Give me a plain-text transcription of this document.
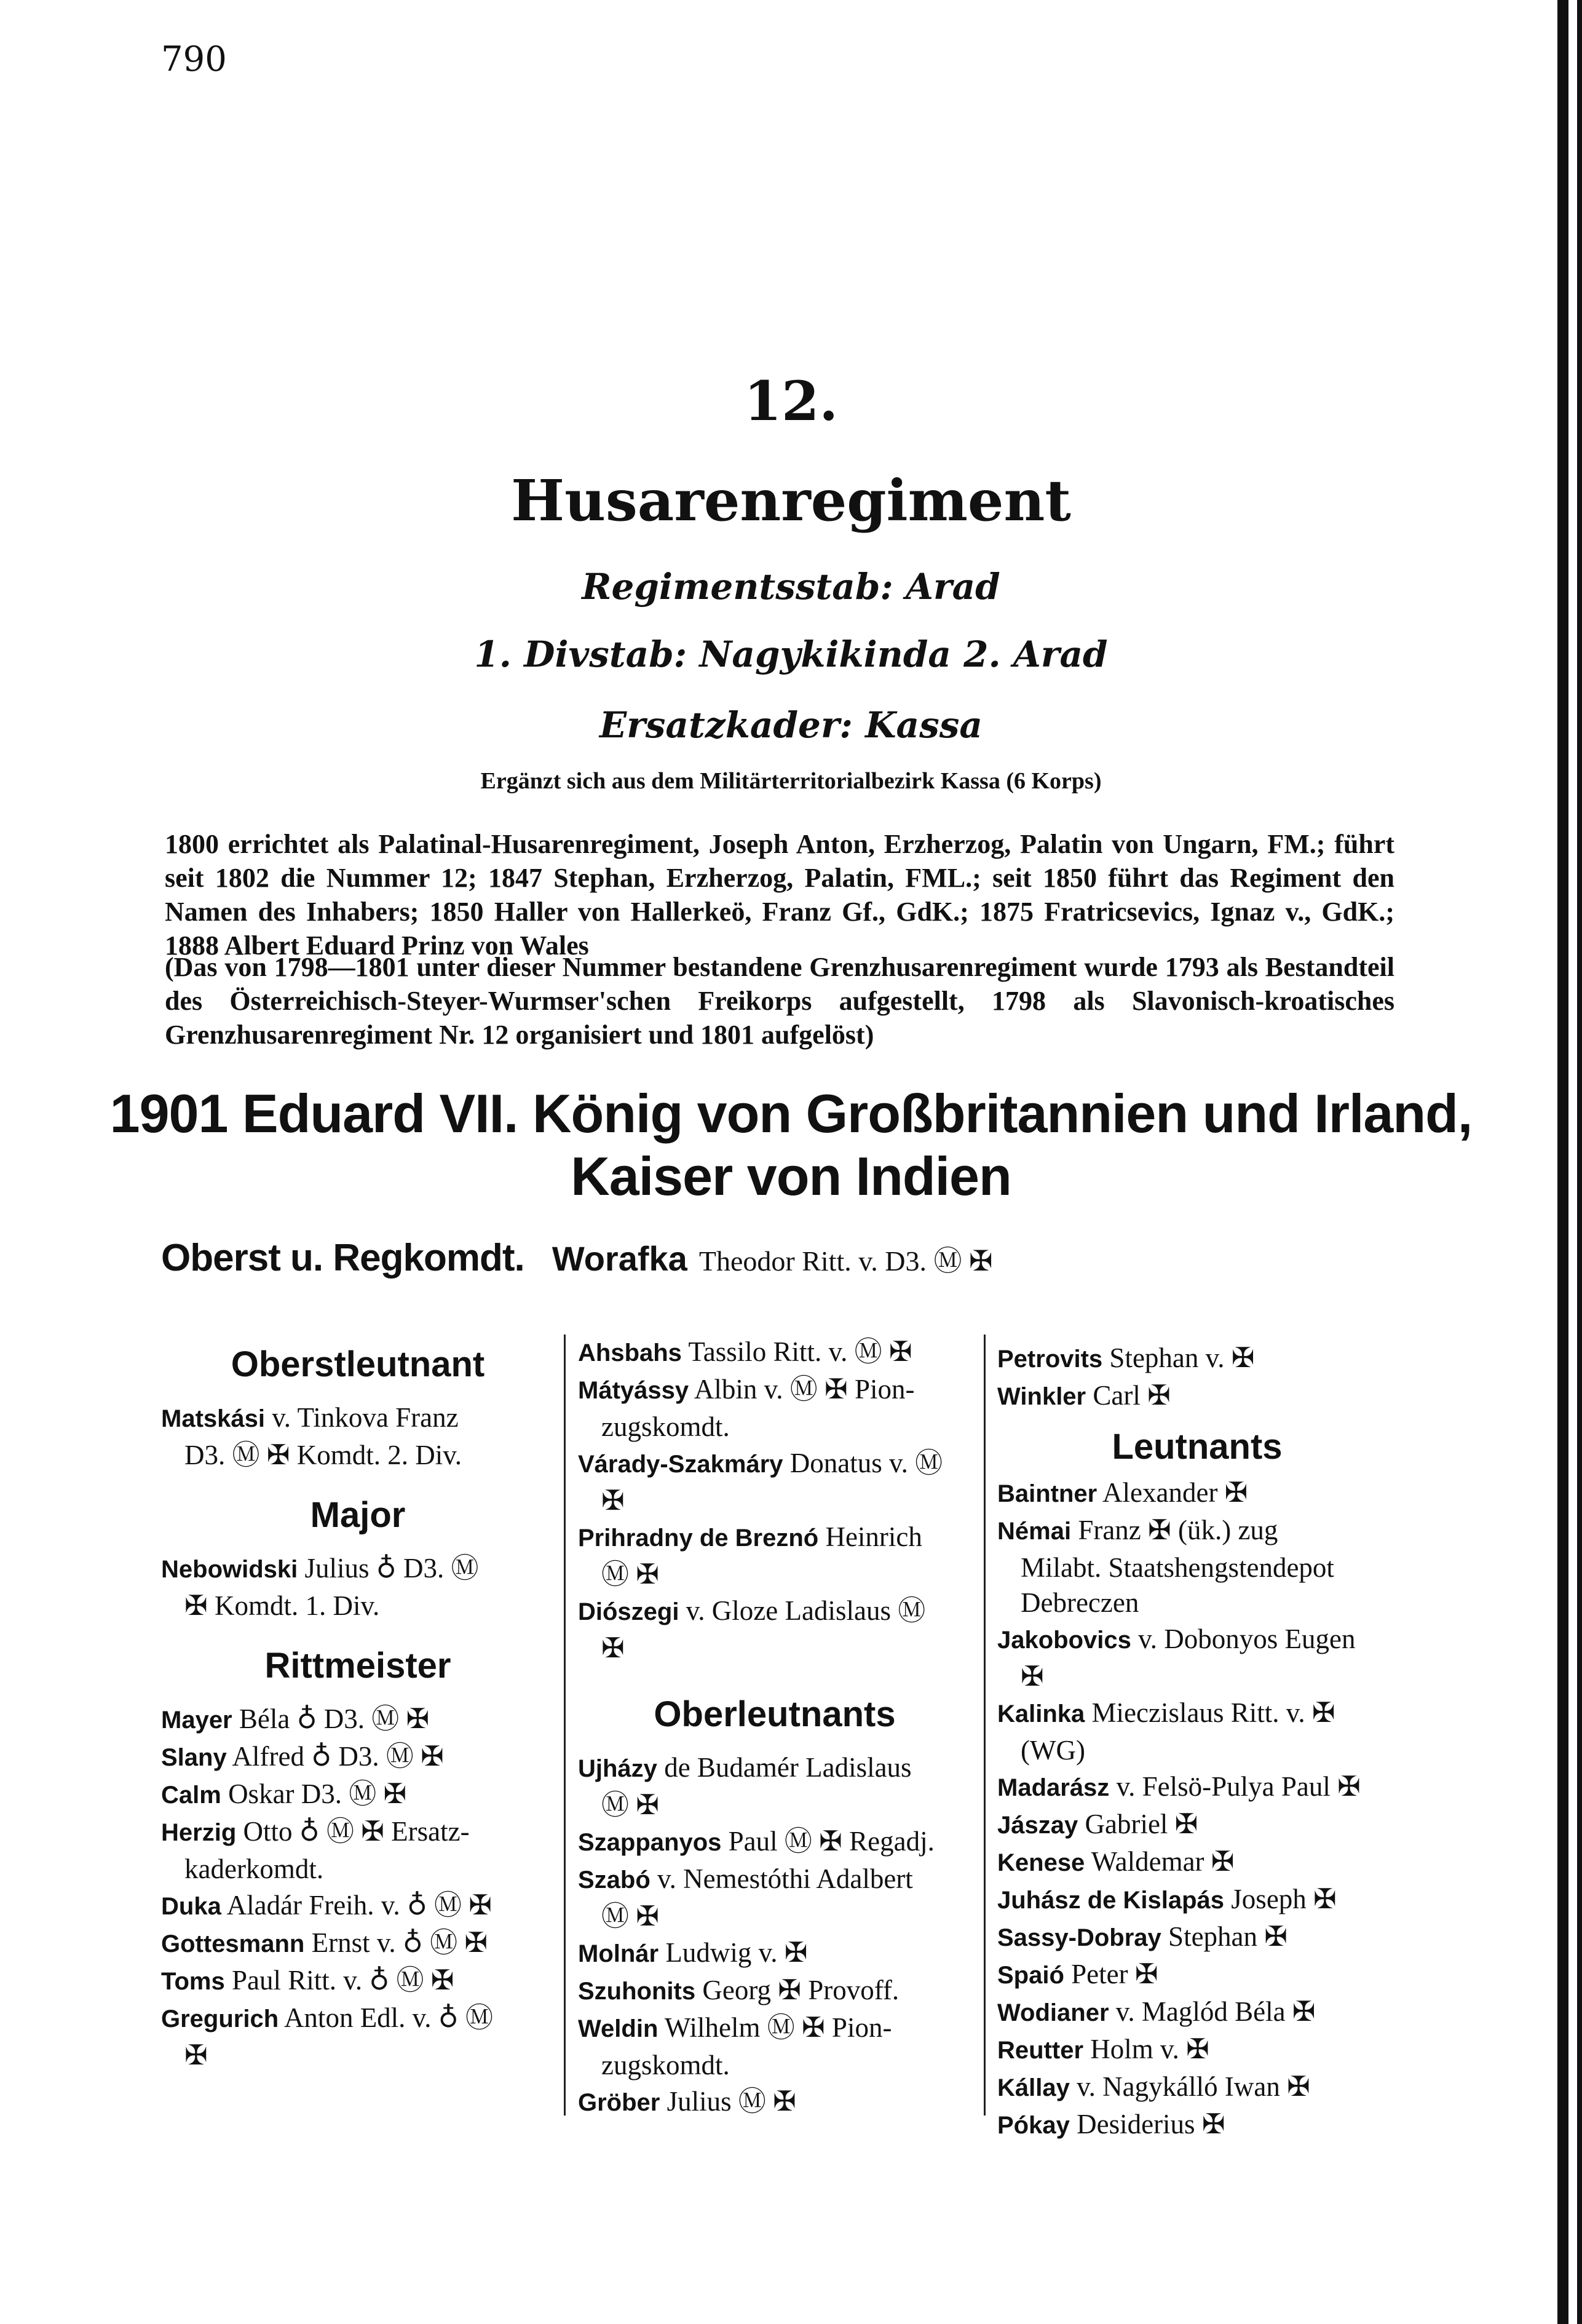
790
12.
Husarenregiment
Regimentsstab: Arad
1. Divstab: Nagykikinda 2. Arad
Ersatzkader: Kassa
Ergänzt sich aus dem Militärterritorialbezirk Kassa (6 Korps)
1800 errichtet als Palatinal-Husarenregiment, Joseph Anton, Erzherzog, Palatin von Ungarn, FM.; führt seit 1802 die Nummer 12; 1847 Stephan, Erzherzog, Palatin, FML.; seit 1850 führt das Regiment den Namen des Inhabers; 1850 Haller von Hallerkeö, Franz Gf., GdK.; 1875 Fratricsevics, Ignaz v., GdK.; 1888 Albert Eduard Prinz von Wales
(Das von 1798—1801 unter dieser Nummer bestandene Grenzhusarenregiment wurde 1793 als Bestandteil des Österreichisch-Steyer-Wurmser'schen Freikorps aufgestellt, 1798 als Slavonisch-kroatisches Grenzhusarenregiment Nr. 12 organisiert und 1801 aufgelöst)
1901 Eduard VII. König von Großbritannien und Irland,
Kaiser von Indien
Oberst u. Regkomdt. Worafka Theodor Ritt. v. D3. Ⓜ ✠
Oberstleutnant
Matskási v. Tinkova Franz
D3. Ⓜ ✠ Komdt. 2. Div.
Major
Nebowidski Julius ♁ D3. Ⓜ
✠ Komdt. 1. Div.
Rittmeister
Mayer Béla ♁ D3. Ⓜ ✠
Slany Alfred ♁ D3. Ⓜ ✠
Calm Oskar D3. Ⓜ ✠
Herzig Otto ♁ Ⓜ ✠ Ersatz-
kaderkomdt.
Duka Aladár Freih. v. ♁ Ⓜ ✠
Gottesmann Ernst v. ♁ Ⓜ ✠
Toms Paul Ritt. v. ♁ Ⓜ ✠
Gregurich Anton Edl. v. ♁ Ⓜ
✠
Ahsbahs Tassilo Ritt. v. Ⓜ ✠
Mátyássy Albin v. Ⓜ ✠ Pion-
zugskomdt.
Várady-Szakmáry Donatus v. Ⓜ
✠
Prihradny de Breznó Heinrich
Ⓜ ✠
Diószegi v. Gloze Ladislaus Ⓜ
✠
Oberleutnants
Ujházy de Budamér Ladislaus
Ⓜ ✠
Szappanyos Paul Ⓜ ✠ Regadj.
Szabó v. Nemestóthi Adalbert
Ⓜ ✠
Molnár Ludwig v. ✠
Szuhonits Georg ✠ Provoff.
Weldin Wilhelm Ⓜ ✠ Pion-
zugskomdt.
Gröber Julius Ⓜ ✠
Petrovits Stephan v. ✠
Winkler Carl ✠
Leutnants
Baintner Alexander ✠
Némai Franz ✠ (ük.) zug
Milabt. Staatshengstendepot Debreczen
Jakobovics v. Dobonyos Eugen
✠
Kalinka Mieczislaus Ritt. v. ✠
(WG)
Madarász v. Felsö-Pulya Paul ✠
Jászay Gabriel ✠
Kenese Waldemar ✠
Juhász de Kislapás Joseph ✠
Sassy-Dobray Stephan ✠
Spaió Peter ✠
Wodianer v. Maglód Béla ✠
Reutter Holm v. ✠
Kállay v. Nagykálló Iwan ✠
Pókay Desiderius ✠
